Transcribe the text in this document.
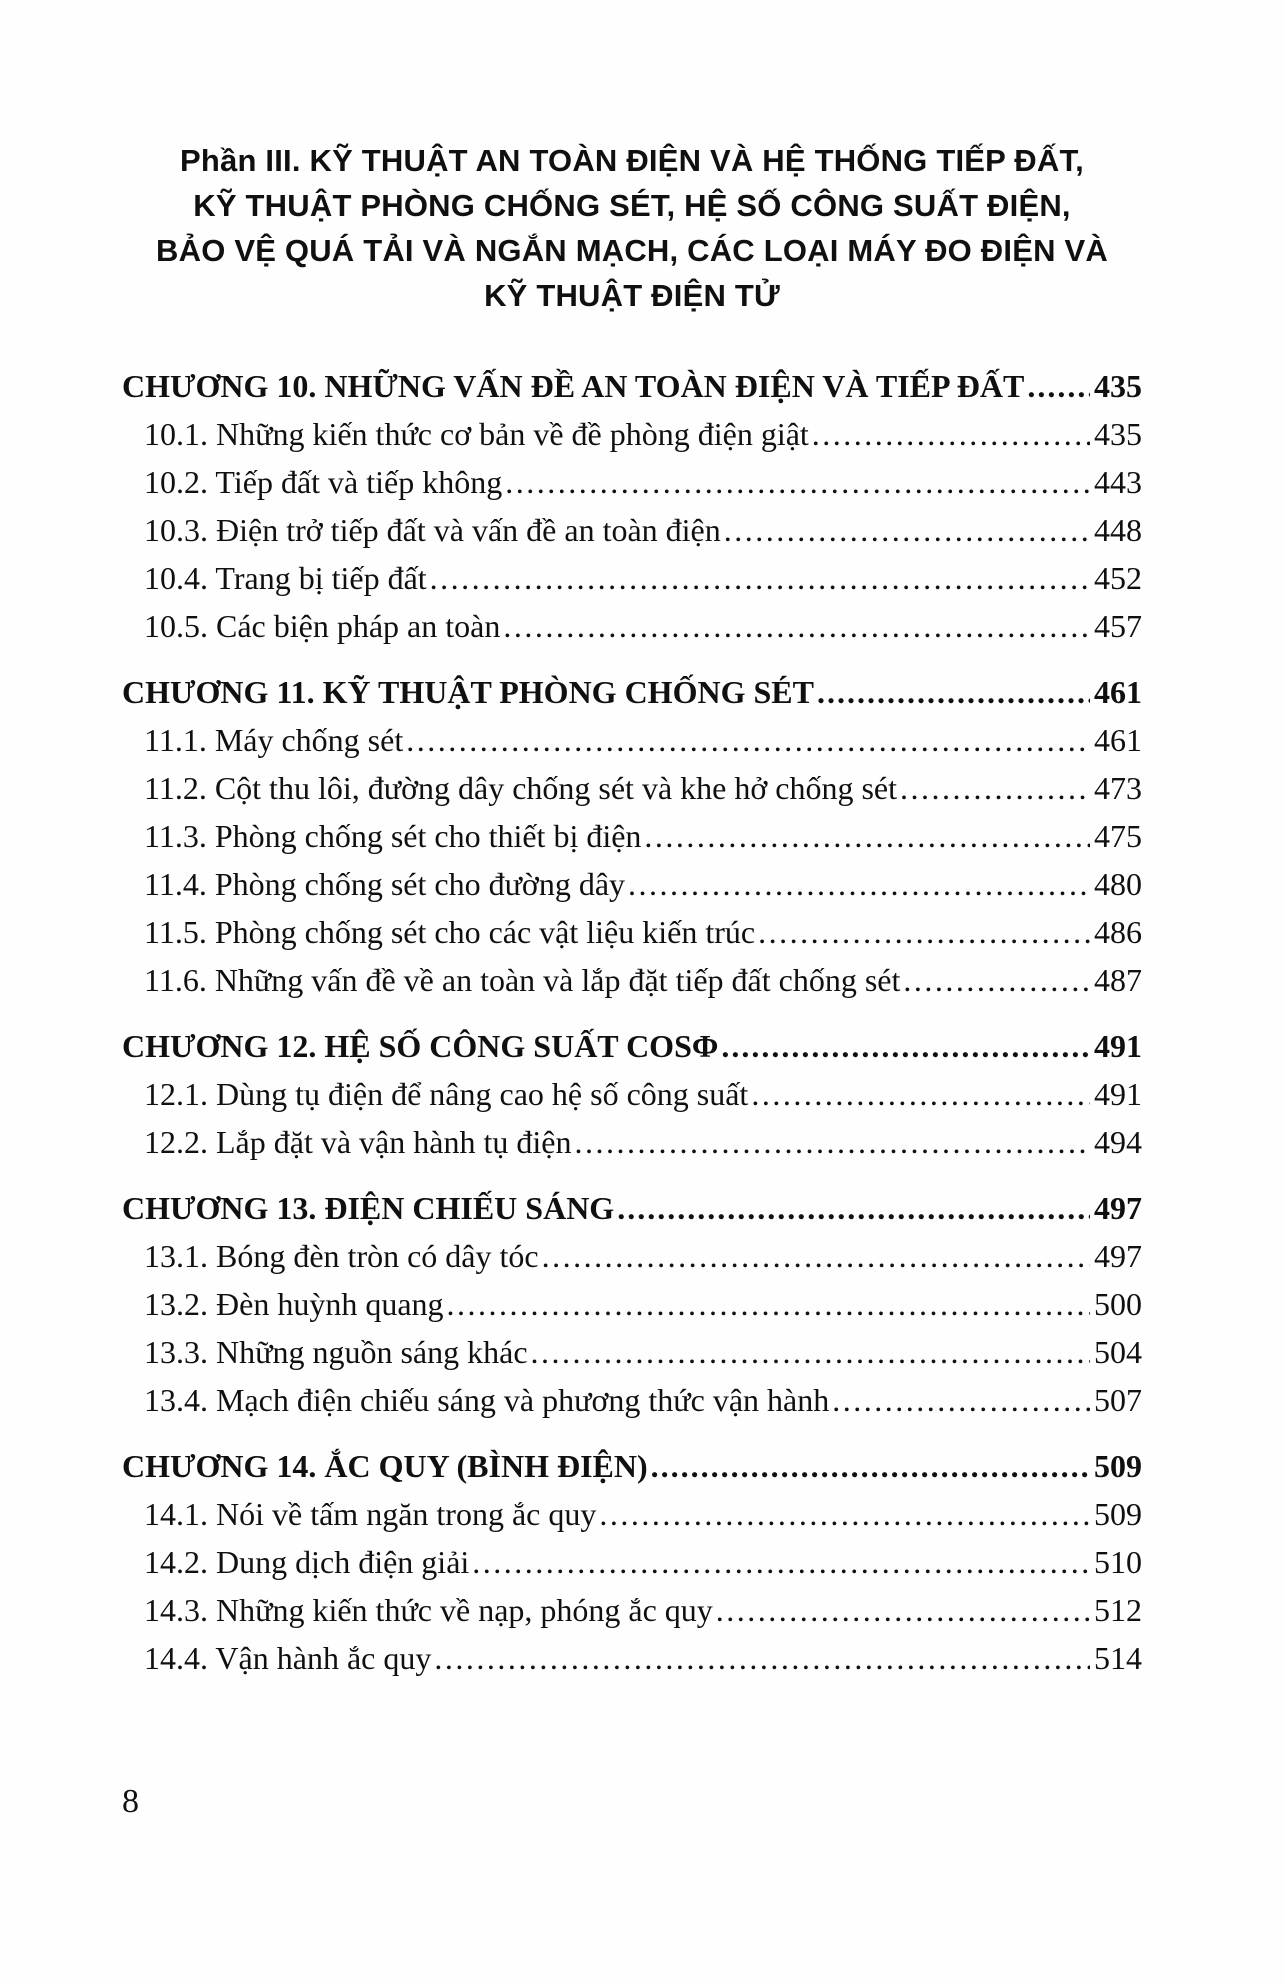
Phần III. KỸ THUẬT AN TOÀN ĐIỆN VÀ HỆ THỐNG TIẾP ĐẤT,
KỸ THUẬT PHÒNG CHỐNG SÉT, HỆ SỐ CÔNG SUẤT ĐIỆN,
BẢO VỆ QUÁ TẢI VÀ NGẮN MẠCH, CÁC LOẠI MÁY ĐO ĐIỆN VÀ
KỸ THUẬT ĐIỆN TỬ
CHƯƠNG 10. NHỮNG VẤN ĐỀ AN TOÀN ĐIỆN VÀ TIẾP ĐẤT ..... 435
10.1. Những kiến thức cơ bản về đề phòng điện giật .....	435
10.2. Tiếp đất và tiếp không .....	443
10.3. Điện trở tiếp đất và vấn đề an toàn điện .....	448
10.4. Trang bị tiếp đất .....	452
10.5. Các biện pháp an toàn .....	457
CHƯƠNG 11. KỸ THUẬT PHÒNG CHỐNG SÉT .....	461
11.1. Máy chống sét .....	461
11.2. Cột thu lôi, đường dây chống sét và khe hở chống sét .....	473
11.3. Phòng chống sét cho thiết bị điện .....	475
11.4. Phòng chống sét cho đường dây .....	480
11.5. Phòng chống sét cho các vật liệu kiến trúc .....	486
11.6. Những vấn đề về an toàn và lắp đặt tiếp đất chống sét .....	487
CHƯƠNG 12. HỆ SỐ CÔNG SUẤT COSΦ .....	491
12.1. Dùng tụ điện để nâng cao hệ số công suất .....	491
12.2. Lắp đặt và vận hành tụ điện .....	494
CHƯƠNG 13. ĐIỆN CHIẾU SÁNG .....	497
13.1. Bóng đèn tròn có dây tóc .....	497
13.2. Đèn huỳnh quang .....	500
13.3. Những nguồn sáng khác .....	504
13.4. Mạch điện chiếu sáng và phương thức vận hành .....	507
CHƯƠNG 14. ẮC QUY (BÌNH ĐIỆN) .....	509
14.1. Nói về tấm ngăn trong ắc quy .....	509
14.2. Dung dịch điện giải .....	510
14.3. Những kiến thức về nạp, phóng ắc quy .....	512
14.4. Vận hành ắc quy .....	514
8
